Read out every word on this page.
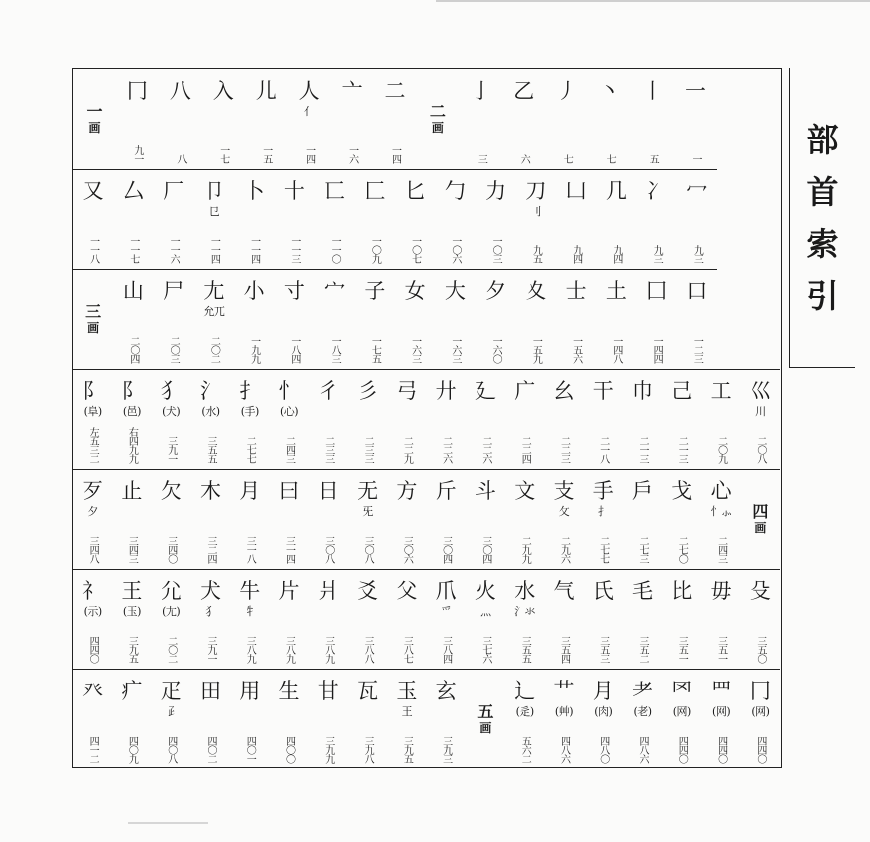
部
首
索
引
一
一
丨
五
丶
七
丿
七
乙
六
亅
三
二
画
二
一四
亠
一六
人
亻
一四
儿
一五
入
一七
八
八
冂
九一
一
画
冖
九三
冫
九三
几
九四
凵
九四
刀
刂
九五
力
一〇三
勹
一〇六
匕
一〇七
匚
一〇九
匸
一一〇
十
一一三
卜
一一四
卩
㔾
一一四
厂
一一六
厶
一一七
又
一一八
口
一二三
囗
一四四
土
一四八
士
一五六
夊
一五九
夕
一六〇
大
一六三
女
一六三
子
一七五
宀
一八三
寸
一八四
小
一九九
尢
允兀
二〇二
尸
二〇三
山
二〇四
三
画
巛
川
二〇八
工
二〇九
己
二一三
巾
二一三
干
二一八
幺
二二三
广
二二四
廴
二二六
廾
二二六
弓
二二九
彡
二三三
彳
二三三
忄
(心)
二四三
扌
(手)
二七七
氵
(水)
三五五
犭
(犬)
三九一
阝
(邑)
右四九九
阝
(阜)
左五三二
四
画
心
忄⺗
二四三
戈
二七〇
戶
二七三
手
扌
二七七
支
攵
二九六
文
二九九
斗
三〇四
斤
三〇四
方
三〇六
无
旡
三〇八
日
三〇八
曰
三一四
月
三一八
木
三二四
欠
三四〇
止
三四三
歹
夕
三四八
殳
三五〇
毋
三五一
比
三五一
毛
三五二
氏
三五三
气
三五四
水
氵氺
三五五
火
灬
三七六
爪
爫
三八四
父
三八七
爻
三八八
爿
三八九
片
三八九
牛
牜
三八九
犬
犭
三九一
尣
(尢)
二〇二
王
(玉)
三九五
礻
(示)
四四〇
冂
(网)
四四〇
罒
(网)
四四〇
罓
(网)
四四〇
耂
(老)
四八六
月
(肉)
四八〇
艹
(艸)
四八六
辶
(辵)
五六二
五
画
玄
三九三
玉
王
三九五
瓦
三九八
甘
三九九
生
四〇〇
用
四〇一
田
四〇二
疋
𤴔
四〇八
疒
四〇九
癶
四一二
